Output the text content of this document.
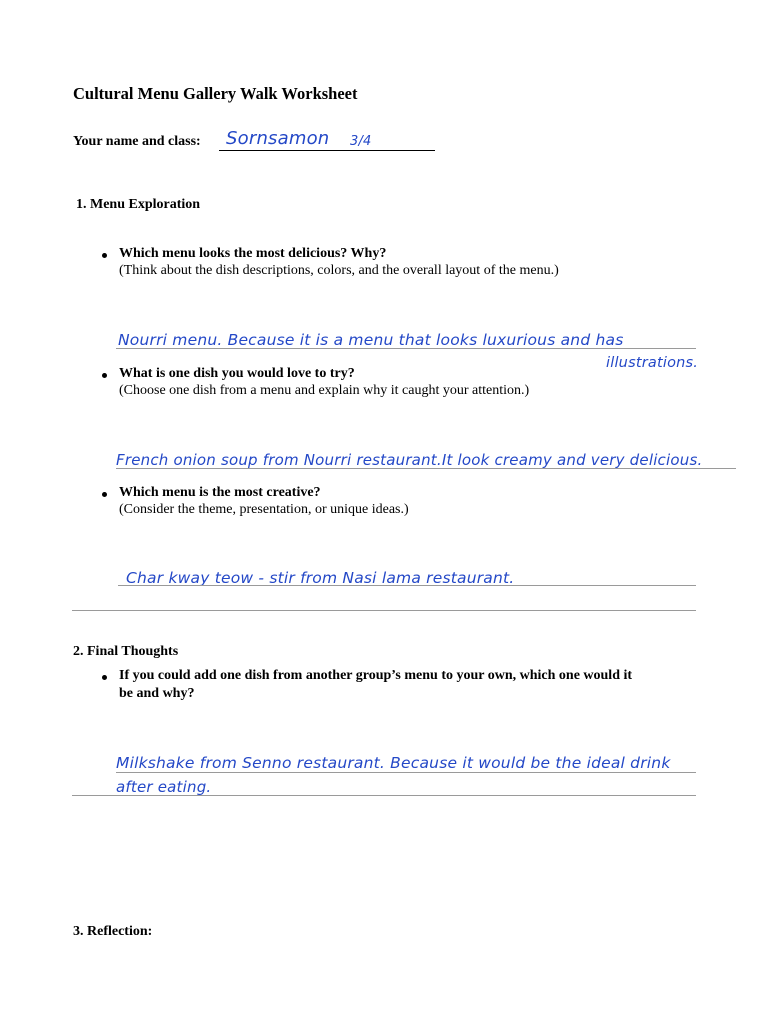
Cultural Menu Gallery Walk Worksheet
Your name and class: Sornsamon 3/4
1. Menu Exploration
Which menu looks the most delicious? Why?
(Think about the dish descriptions, colors, and the overall layout of the menu.)
Nourri menu. Because it is a menu that looks luxurious and has
illustrations.
What is one dish you would love to try?
(Choose one dish from a menu and explain why it caught your attention.)
French onion soup from Nourri restaurant.It look creamy and very delicious.
Which menu is the most creative?
(Consider the theme, presentation, or unique ideas.)
Char kway teow - stir from Nasi lama restaurant.
2. Final Thoughts
If you could add one dish from another group’s menu to your own, which one would it
be and why?
Milkshake from Senno restaurant. Because it would be the ideal drink
after eating.
3. Reflection:
